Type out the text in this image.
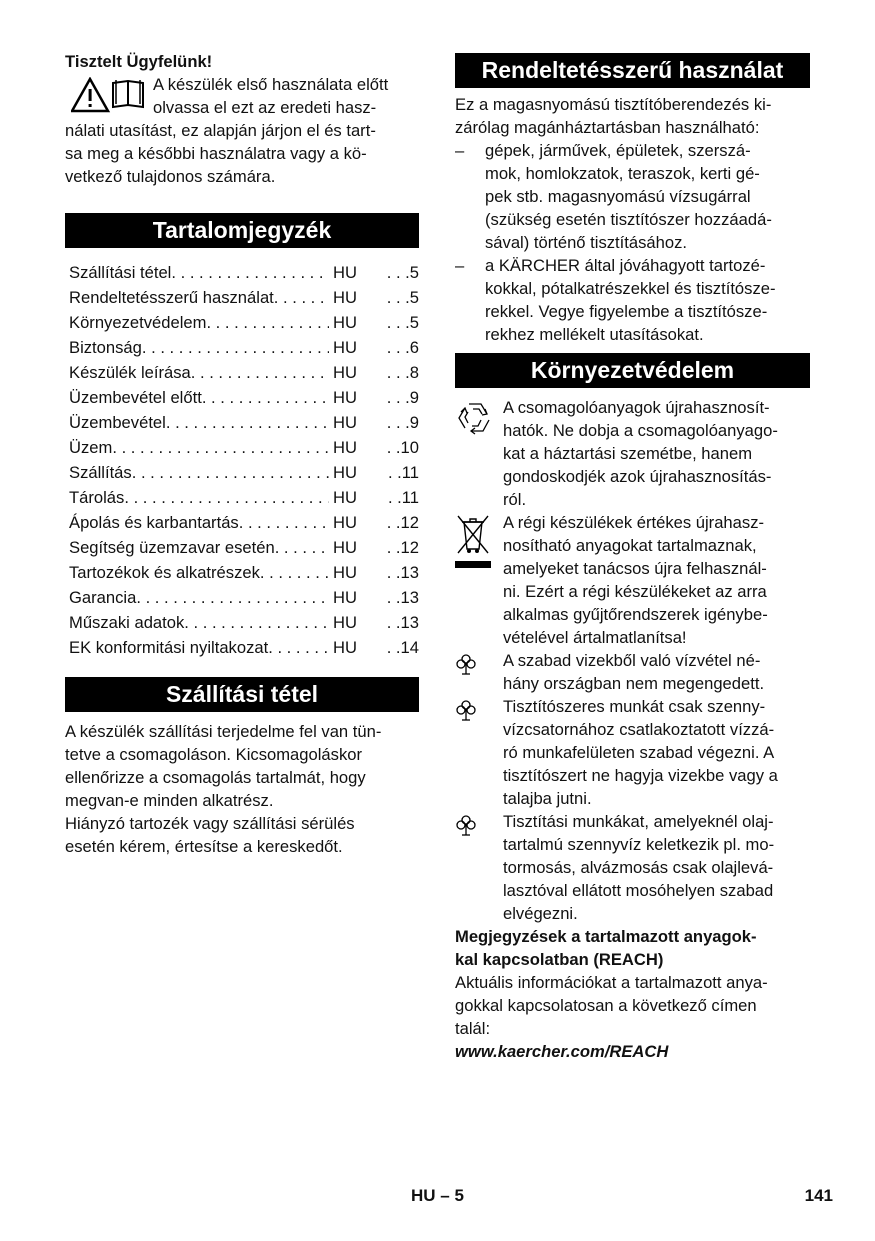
Tisztelt Ügyfelünk!

A készülék első használata előtt

olvassa el ezt az eredeti hasz-

nálati utasítást, ez alapján járjon el és tart-

sa meg a későbbi használatra vagy a kö-

vetkező tulajdonos számára.

Tartalomjegyzék
Szállítási tétel . . .	HU	. . .5
Rendeltetésszerű használat . . .	HU	. . .5
Környezetvédelem . . .	HU	. . .5
Biztonság . . .	HU	. . .6
Készülék leírása . . .	HU	. . .8
Üzembevétel előtt . . .	HU	. . .9
Üzembevétel . . .	HU	. . .9
Üzem . . .	HU	. .10
Szállítás . . .	HU	. .11
Tárolás . . .	HU	. .11
Ápolás és karbantartás . . .	HU	. .12
Segítség üzemzavar esetén . . .	HU	. .12
Tartozékok és alkatrészek . . .	HU	. .13
Garancia . . .	HU	. .13
Műszaki adatok . . .	HU	. .13
EK konformitási nyiltakozat . . .	HU	. .14
Szállítási tétel

A készülék szállítási terjedelme fel van tün-

tetve a csomagoláson. Kicsomagoláskor

ellenőrizze a csomagolás tartalmát, hogy

megvan-e minden alkatrész.

Hiányzó tartozék vagy szállítási sérülés

esetén kérem, értesítse a kereskedőt.

Rendeltetésszerű használat

Ez a magasnyomású tisztítóberendezés ki-

zárólag magánháztartásban használható:

– gépek, járművek, épületek, szerszá-
mok, homlokzatok, teraszok, kerti gé-
pek stb. magasnyomású vízsugárral
(szükség esetén tisztítószer hozzáadá-
sával) történő tisztításához.
– a KÄRCHER által jóváhagyott tartozé-
kokkal, pótalkatrészekkel és tisztítósze-
rekkel. Vegye figyelembe a tisztítósze-
rekhez mellékelt utasításokat.
Környezetvédelem
A csomagolóanyagok újrahasznosít-
hatók. Ne dobja a csomagolóanyago-
kat a háztartási szemétbe, hanem
gondoskodjék azok újrahasznosítás-
ról.
A régi készülékek értékes újrahasz-
nosítható anyagokat tartalmaznak,
amelyeket tanácsos újra felhasznál-
ni. Ezért a régi készülékeket az arra
alkalmas gyűjtőrendszerek igénybe-
vételével ártalmatlanítsa!
A szabad vizekből való vízvétel né-
hány országban nem megengedett.
Tisztítószeres munkát csak szenny-
vízcsatornához csatlakoztatott vízzá-
ró munkafelületen szabad végezni. A
tisztítószert ne hagyja vizekbe vagy a
talajba jutni.
Tisztítási munkákat, amelyeknél olaj-
tartalmú szennyvíz keletkezik pl. mo-
tormosás, alvázmosás csak olajlevá-
lasztóval ellátott mosóhelyen szabad
elvégezni.

Megjegyzések a tartalmazott anyagok-

kal kapcsolatban (REACH)

Aktuális információkat a tartalmazott anya-

gokkal kapcsolatosan a következő címen

talál:

www.kaercher.com/REACH

HU – 5	141
